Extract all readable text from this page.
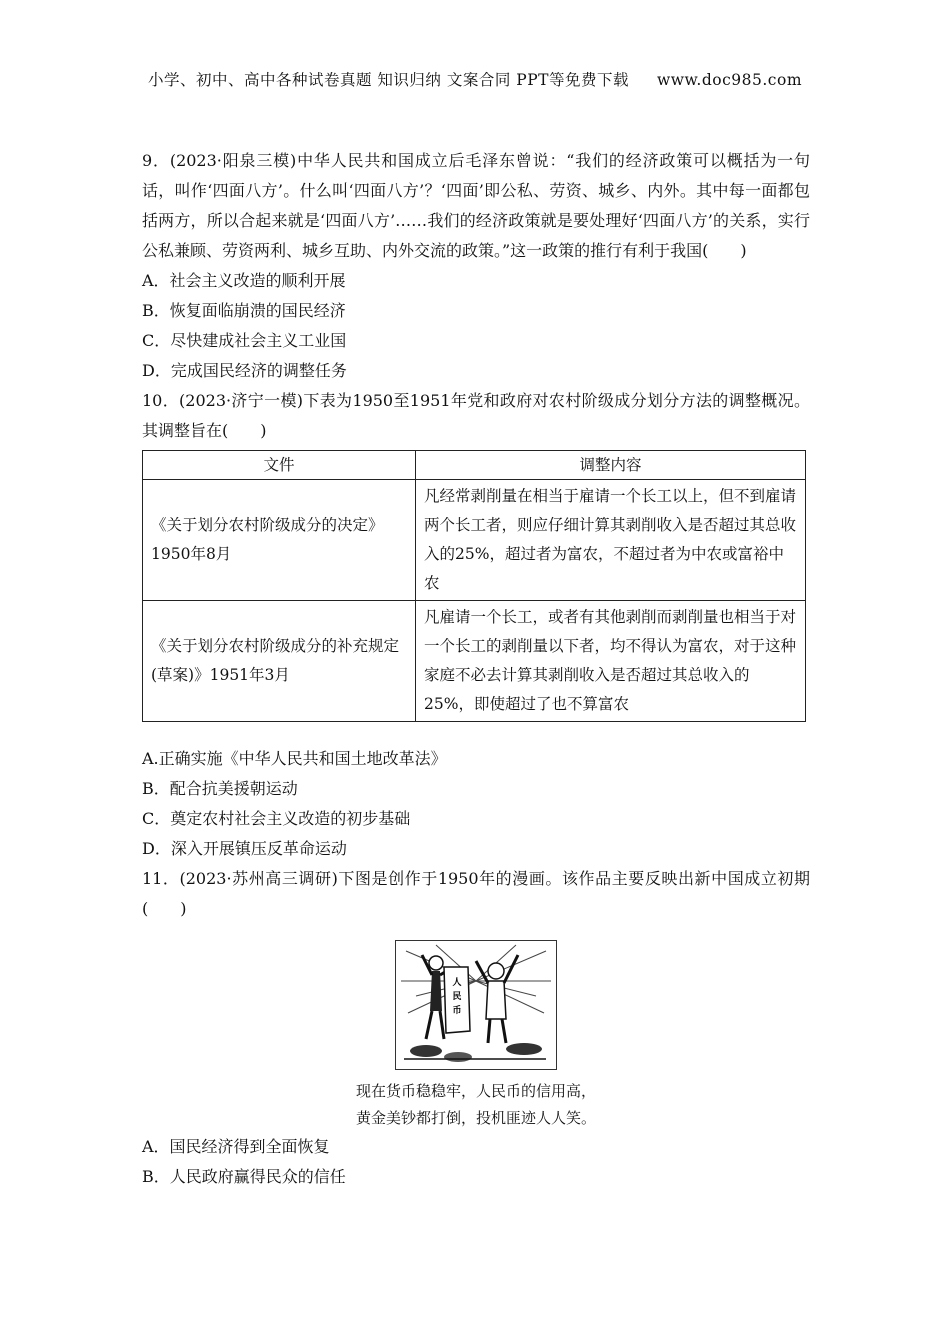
小学、初中、高中各种试卷真题 知识归纳 文案合同 PPT等免费下载 www.doc985.com

9．(2023·阳泉三模)中华人民共和国成立后毛泽东曾说：“我们的经济政策可以概括为一句话，叫作‘四面八方’。什么叫‘四面八方’？‘四面’即公私、劳资、城乡、内外。其中每一面都包括两方，所以合起来就是‘四面八方’……我们的经济政策就是要处理好‘四面八方’的关系，实行公私兼顾、劳资两利、城乡互助、内外交流的政策。”这一政策的推行有利于我国(　　)

A．社会主义改造的顺利开展

B．恢复面临崩溃的国民经济

C．尽快建成社会主义工业国

D．完成国民经济的调整任务

10．(2023·济宁一模)下表为1950至1951年党和政府对农村阶级成分划分方法的调整概况。其调整旨在(　　)

文件	调整内容
《关于划分农村阶级成分的决定》1950年8月	凡经常剥削量在相当于雇请一个长工以上，但不到雇请两个长工者，则应仔细计算其剥削收入是否超过其总收入的25%，超过者为富农，不超过者为中农或富裕中农
《关于划分农村阶级成分的补充规定(草案)》1951年3月	凡雇请一个长工，或者有其他剥削而剥削量也相当于对一个长工的剥削量以下者，均不得认为富农，对于这种家庭不必去计算其剥削收入是否超过其总收入的25%，即使超过了也不算富农

A.正确实施《中华人民共和国土地改革法》

B．配合抗美援朝运动

C．奠定农村社会主义改造的初步基础

D．深入开展镇压反革命运动

11．(2023·苏州高三调研)下图是创作于1950年的漫画。该作品主要反映出新中国成立初期(　　)

人
民
币
现在货币稳稳牢，人民币的信用高，
黄金美钞都打倒，投机匪迹人人笑。

A．国民经济得到全面恢复

B．人民政府赢得民众的信任
